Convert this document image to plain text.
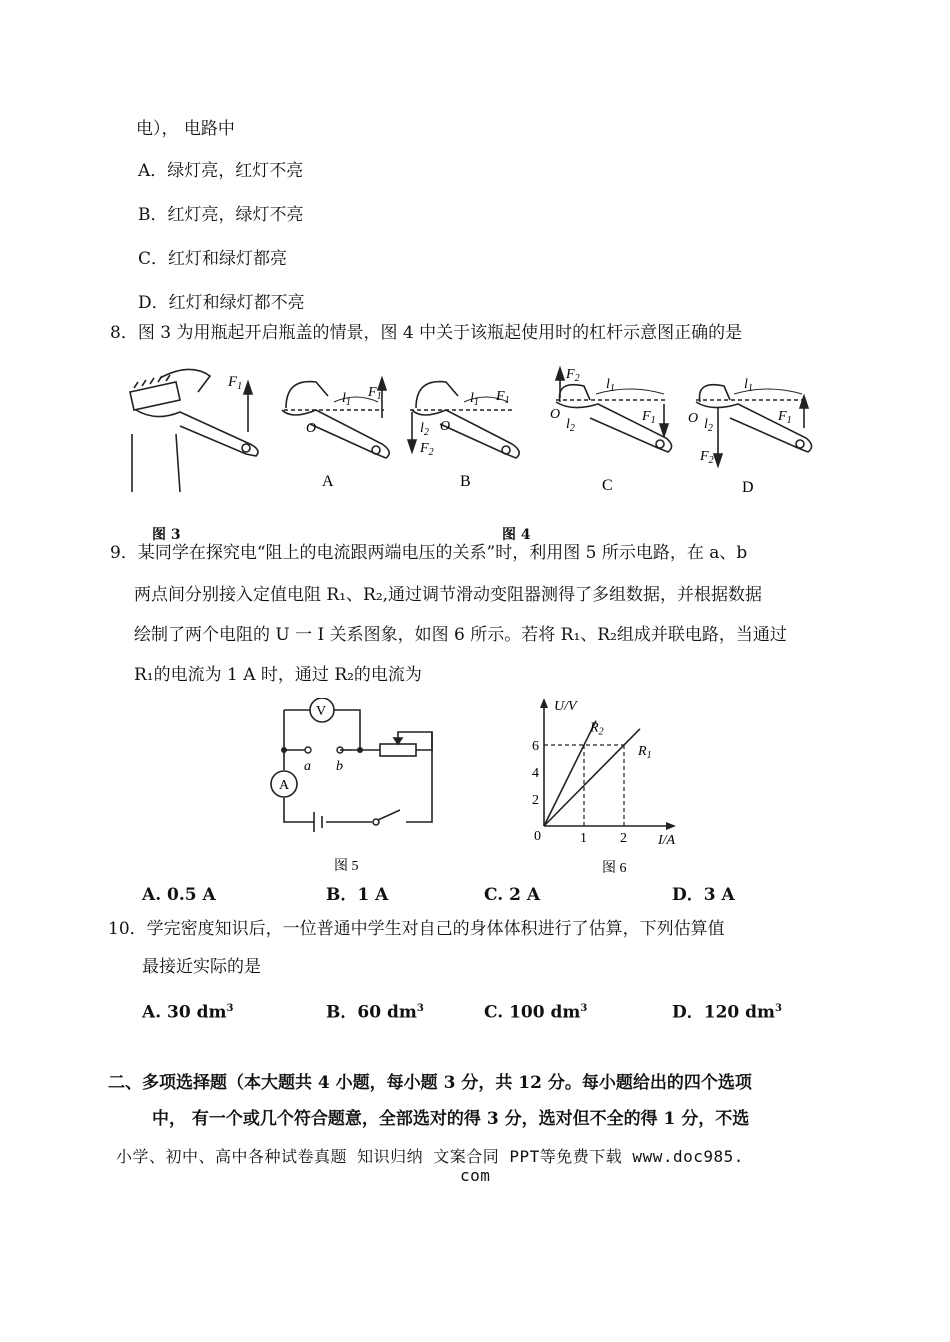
电）， 电路中
A．绿灯亮，红灯不亮
B．红灯亮，绿灯不亮
C．红灯和绿灯都亮
D．红灯和绿灯都不亮
8．图 3 为用瓶起开启瓶盖的情景，图 4 中关于该瓶起使用时的杠杆示意图正确的是
$F_1$
$l_1$
$F_1$
O
A
$l_1$ $F_1$
$l_2$ O
$F_2$
B
$F_2$ $l_1$
$F_1$
O
$l_2$
C
$l_1$
$F_1$
O $l_2$
$F_2$
D
图 3	图 4
9．某同学在探究电“阻上的电流跟两端电压的关系”时，利用图 5 所示电路，在 a、b
两点间分别接入定值电阻 R₁、R₂,通过调节滑动变阻器测得了多组数据，并根据数据
绘制了两个电阻的 U 一 I 关系图象，如图 6 所示。若将 R₁、R₂组成并联电路，当通过
R₁的电流为 1 A 时，通过 R₂的电流为
V
A
a b
图 5
U/V
I/A
0
2
4
6
1 2
$R_2$
$R_1$
图 6
A. 0.5 A	B．1 A	C. 2 A	D．3 A
10．学完密度知识后，一位普通中学生对自己的身体体积进行了估算，下列估算值
最接近实际的是
A. 30 $dm^3$	B．60 $dm^3$	C. 100 $dm^3$	D．120 $dm^3$
二、多项选择题（本大题共 4 小题，每小题 3 分，共 12 分。每小题给出的四个选项
中， 有一个或几个符合题意，全部选对的得 3 分，选对但不全的得 1 分，不选
小学、初中、高中各种试卷真题 知识归纳 文案合同 PPT等免费下载 www.doc985.
com
